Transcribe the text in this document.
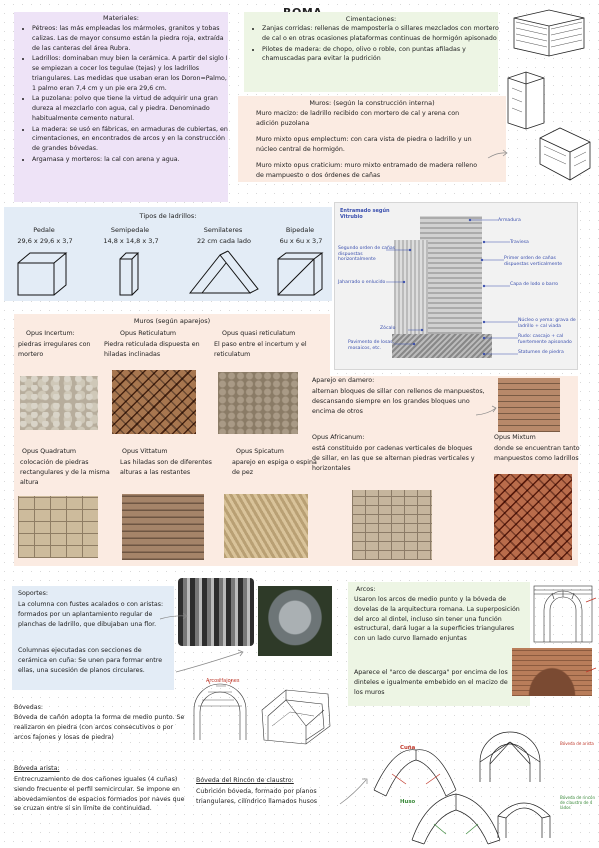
Materiales:
• Pétreos: las más empleadas los mármoles, granitos y tobas calizas. Las de mayor consumo están la piedra roja, extraída de las canteras del área Rubra.
• Ladrillos: dominaban muy bien la cerámica. A partir del siglo I se empiezan a cocer los tegulae (tejas) y los ladrillos triangulares. Las medidas que usaban eran los Doron=Palmo, 1 palmo eran 7,4 cm y un pie era 29,6 cm.
• La puzolana: polvo que tiene la virtud de adquirir una gran dureza al mezclarlo con agua, cal y piedra. Denominado habitualmente cemento natural.
• La madera: se usó en fábricas, en armaduras de cubiertas, en cimentaciones, en encontrados de arcos y en la construcción de grandes bóvedas.
• Argamasa y morteros: la cal con arena y agua.
Cimentaciones:
• Zanjas corridas: rellenas de mampostería o sillares mezclados con mortero de cal o en otras ocasiones plataformas continuas de hormigón apisonado
• Pilotes de madera: de chopo, olivo o roble, con puntas afiladas y chamuscadas para evitar la pudrición
Muros: (según la construcción interna)

Muro macizo: de ladrillo recibido con mortero de cal y arena con adición puzolana

Muro mixto opus emplectum: con cara vista de piedra o ladrillo y un núcleo central de hormigón.

Muro mixto opus craticium: muro mixto entramado de madera relleno de mampuesto o dos órdenes de cañas

Tipos de ladrillos:
Pedale
29,6 x 29,6 x 3,7
Semipedale
14,8 x 14,8 x 3,7
Semilateres
22 cm cada lado
Bipedale
6u x 6u x 3,7
Entramado según Vitrubio
Armadura
Segundo orden de cañas dispuestas horizontalmente
Traviesa
Primer orden de cañas dispuestas verticalmente
Jaharrado o enlucido	Capa de lodo o barro
Núcleo o yema: grava de ladrillo + cal viada
Zócalo
Rudo: cascajo + cal fuertemente apisonado
Pavimento de losas, mosaicos, etc.
Statumen de piedra
Muros (según aparejos)
Opus Incertum:
piedras irregulares con mortero
Opus Reticulatum
Piedra reticulada dispuesta en hiladas inclinadas
Opus quasi reticulatum
El paso entre el incertum y el reticulatum
Aparejo en damero:
alternan bloques de sillar con rellenos de manpuestos, descansando siempre en los grandes bloques uno encima de otros
Opus Quadratum
colocación de piedras rectangulares y de la misma altura
Opus Vittatum
Las hiladas son de diferentes alturas a las restantes
Opus Spicatum
aparejo en espiga o espina de pez
Opus Africanum:
está constituido por cadenas verticales de bloques de sillar, en las que se alternan piedras verticales y horizontales
Opus Mixtum
donde se encuentran tanto manpuestos como ladrillos
Soportes:

La columna con fustes acalados o con aristas: formados por un aplantamiento regular de planchas de ladrillo, que dibujaban una flor.

Columnas ejecutadas con secciones de cerámica en cuña: Se unen para formar entre ellas, una sucesión de planos circulares.

Arcos:

Usaron los arcos de medio punto y la bóveda de dovelas de la arquitectura romana. La superposición del arco al dintel, incluso sin tener una función estructural, dará lugar a la superficies triangulares con un lado curvo llamado enjuntas

Aparece el "arco de descarga" por encima de los dinteles e igualmente embebido en el macizo de los muros

Bóvedas:

Bóveda de cañón adopta la forma de medio punto. Se realizaron en piedra (con arcos consecutivos o por arcos fajones y losas de piedra)

Arcos fajones
Bóveda arista:

Entrecruzamiento de dos cañones iguales (4 cuñas) siendo frecuente el perfil semicircular. Se impone en abovedamientos de espacios formados por naves que se cruzan entre sí sin límite de continuidad.

Bóveda del Rincón de claustro:

Cubrición bóveda, formado por planos triangulares, cilíndrico llamados husos

Cuña
Huso
Bóveda de arista
Bóveda de rincón de claustro de 4 lados
